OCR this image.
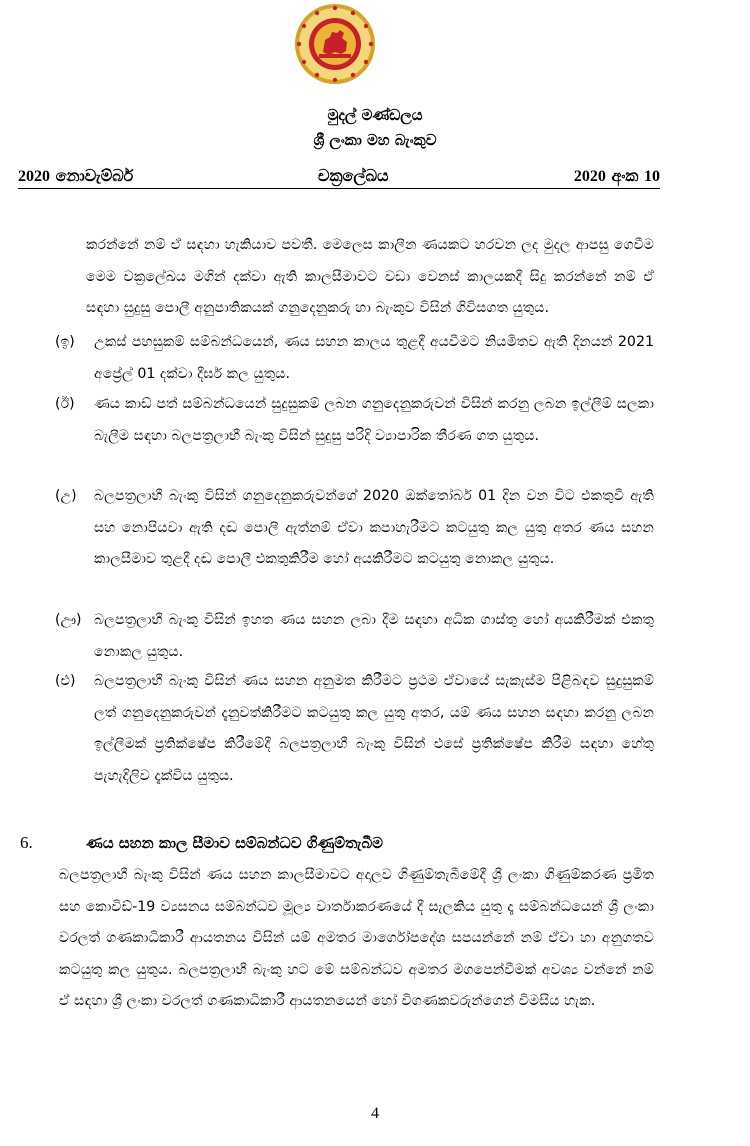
මුදල් මණ්ඩලය
ශ්‍රී ලංකා මහ බැංකුව
2020 නොවැම්බර්	චක්‍රලේඛය	2020 අංක 10
කරන්නේ නම් ඒ සඳහා හැකියාව පවතී. මෙලෙස කාලීන ණයකට හරවන ලද මුදල ආපසු ගෙවීම මෙම චක්‍රලේඛය මගින් දක්වා ඇති කාලසීමාවට වඩා වෙනස් කාලයකදී සිදු කරන්නේ නම් ඒ සඳහා සුදුසු පොලී අනුපාතිකයක් ගනුදෙනුකරු හා බැංකුව විසින් ගිවිසගත යුතුය.
(ඉ) උකස් පහසුකම් සම්බන්ධයෙන්, ණය සහන කාලය තුළදී අයවීමට නියමිතව ඇති දිනයන් 2021 අප්‍රේල් 01 දක්වා දීර්ඝ කල යුතුය.
(ඊ) ණය කාඩ් පත් සම්බන්ධයෙන් සුදුසුකම් ලබන ගනුදෙනුකරුවන් විසින් කරනු ලබන ඉල්ලීම් සලකා බැලීම සඳහා බලපත්‍රලාභී බැංකු විසින් සුදුසු පරිදි ව්‍යාපාරික තීරණ ගත යුතුය.
(උ) බලපත්‍රලාභී බැංකු විසින් ගනුදෙනුකරුවන්ගේ 2020 ඔක්තෝබර් 01 දින වන විට එකතුවී ඇති සහ නොපියවා ඇති දඬ පොලී ඇත්නම් ඒවා කපාහැරීමට කටයුතු කල යුතු අතර ණය සහන කාලසීමාව තුළදී දඬ පොලී එකතුකිරීම හෝ අයකිරීමට කටයුතු නොකල යුතුය.
(ඌ) බලපත්‍රලාභී බැංකු විසින් ඉහත ණය සහන ලබා දීම සඳහා අධික ගාස්තු හෝ අයකිරීමක් එකතු නොකල යුතුය.
(එ) බලපත්‍රලාභී බැංකු විසින් ණය සහන අනුමත කිරීමට ප්‍රථම ඒවායේ සැකැස්ම පිළිබඳව සුදුසුකම් ලත් ගනුදෙනුකරුවන් දැනුවත්කිරීමට කටයුතු කල යුතු අතර, යම් ණය සහන සඳහා කරනු ලබන ඉල්ලීමක් ප්‍රතික්ෂේප කිරීමේදී බලපත්‍රලාභී බැංකු විසින් එසේ ප්‍රතික්ෂේප කිරීම සඳහා හේතු පැහැදිලිව දැක්විය යුතුය.
6.	ණය සහන කාල සීමාව සම්බන්ධව ගිණුම්තැබීම
බලපත්‍රලාභී බැංකු විසින් ණය සහන කාලසීමාවට අදාලව ගිණුම්තැබීමේදී ශ්‍රී ලංකා ගිණුම්කරණ ප්‍රමිත සහ කොවිඩ්-19 ව්‍යසනය සම්බන්ධව මූල්‍ය වාර්තාකරණයේ දී සැලකිය යුතු දෑ සම්බන්ධයෙන් ශ්‍රී ලංකා වරලත් ගණකාධිකාරී ආයතනය විසින් යම් අමතර මාර්ගෝපදේශ සපයන්නේ නම් ඒවා හා අනුගතව කටයුතු කල යුතුය. බලපත්‍රලාභී බැංකු හට මේ සම්බන්ධව අමතර මගපෙන්වීමක් අවශ්‍ය වන්නේ නම් ඒ සඳහා ශ්‍රී ලංකා වරලත් ගණකාධිකාරී ආයතනයෙන් හෝ විගණකවරුන්ගෙන් විමසිය හැක.
4
